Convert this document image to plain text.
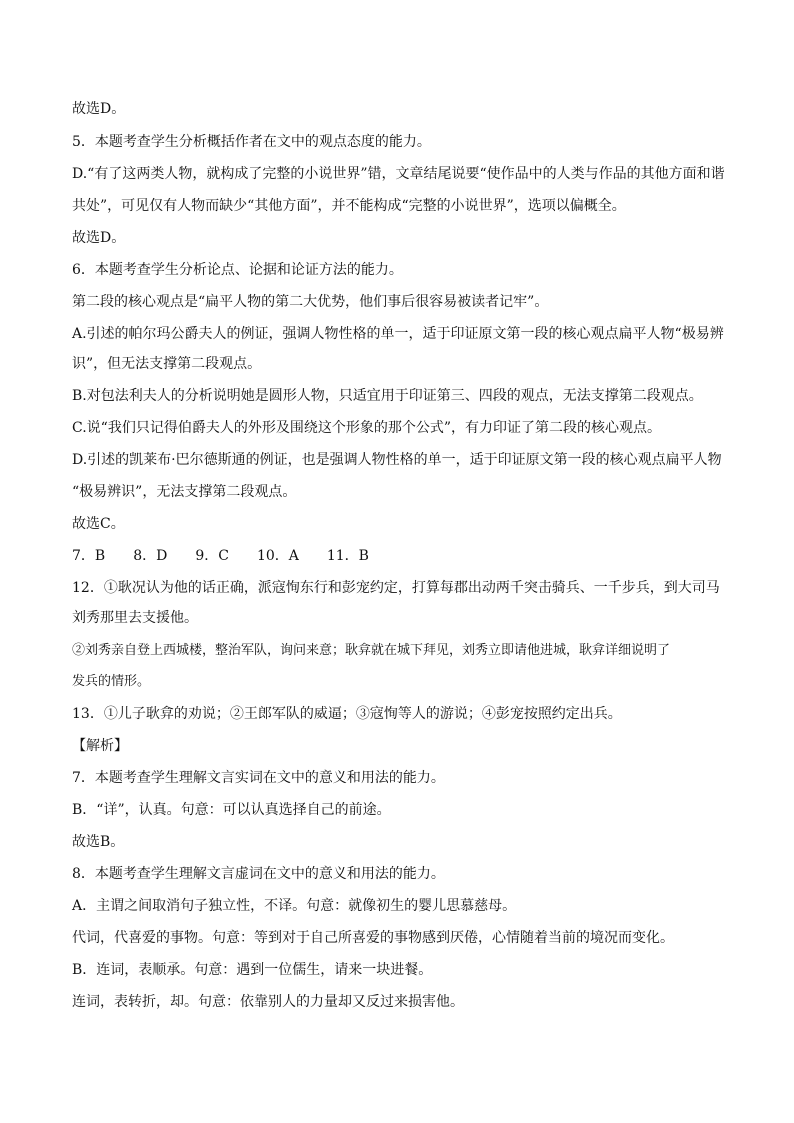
故选D。
5．本题考查学生分析概括作者在文中的观点态度的能力。
D.“有了这两类人物，就构成了完整的小说世界”错，文章结尾说要“使作品中的人类与作品的其他方面和谐
共处”，可见仅有人物而缺少“其他方面”，并不能构成“完整的小说世界”，选项以偏概全。
故选D。
6．本题考查学生分析论点、论据和论证方法的能力。
第二段的核心观点是“扁平人物的第二大优势，他们事后很容易被读者记牢”。
A.引述的帕尔玛公爵夫人的例证，强调人物性格的单一，适于印证原文第一段的核心观点扁平人物“极易辨
识”，但无法支撑第二段观点。
B.对包法利夫人的分析说明她是圆形人物，只适宜用于印证第三、四段的观点，无法支撑第二段观点。
C.说“我们只记得伯爵夫人的外形及围绕这个形象的那个公式”，有力印证了第二段的核心观点。
D.引述的凯莱布·巴尔德斯通的例证，也是强调人物性格的单一，适于印证原文第一段的核心观点扁平人物
“极易辨识”，无法支撑第二段观点。
故选C。
7．B　　8．D　　9．C　　10．A　　11．B
12．①耿况认为他的话正确，派寇恂东行和彭宠约定，打算每郡出动两千突击骑兵、一千步兵，到大司马
刘秀那里去支援他。
②刘秀亲自登上西城楼，整治军队，询问来意；耿弇就在城下拜见，刘秀立即请他进城，耿弇详细说明了
发兵的情形。
13．①儿子耿弇的劝说；②王郎军队的威逼；③寇恂等人的游说；④彭宠按照约定出兵。
【解析】
7．本题考查学生理解文言实词在文中的意义和用法的能力。
B．“详”，认真。句意：可以认真选择自己的前途。
故选B。
8．本题考查学生理解文言虚词在文中的意义和用法的能力。
A．主谓之间取消句子独立性，不译。句意：就像初生的婴儿思慕慈母。
代词，代喜爱的事物。句意：等到对于自己所喜爱的事物感到厌倦，心情随着当前的境况而变化。
B．连词，表顺承。句意：遇到一位儒生，请来一块进餐。
连词，表转折，却。句意：依靠别人的力量却又反过来损害他。
